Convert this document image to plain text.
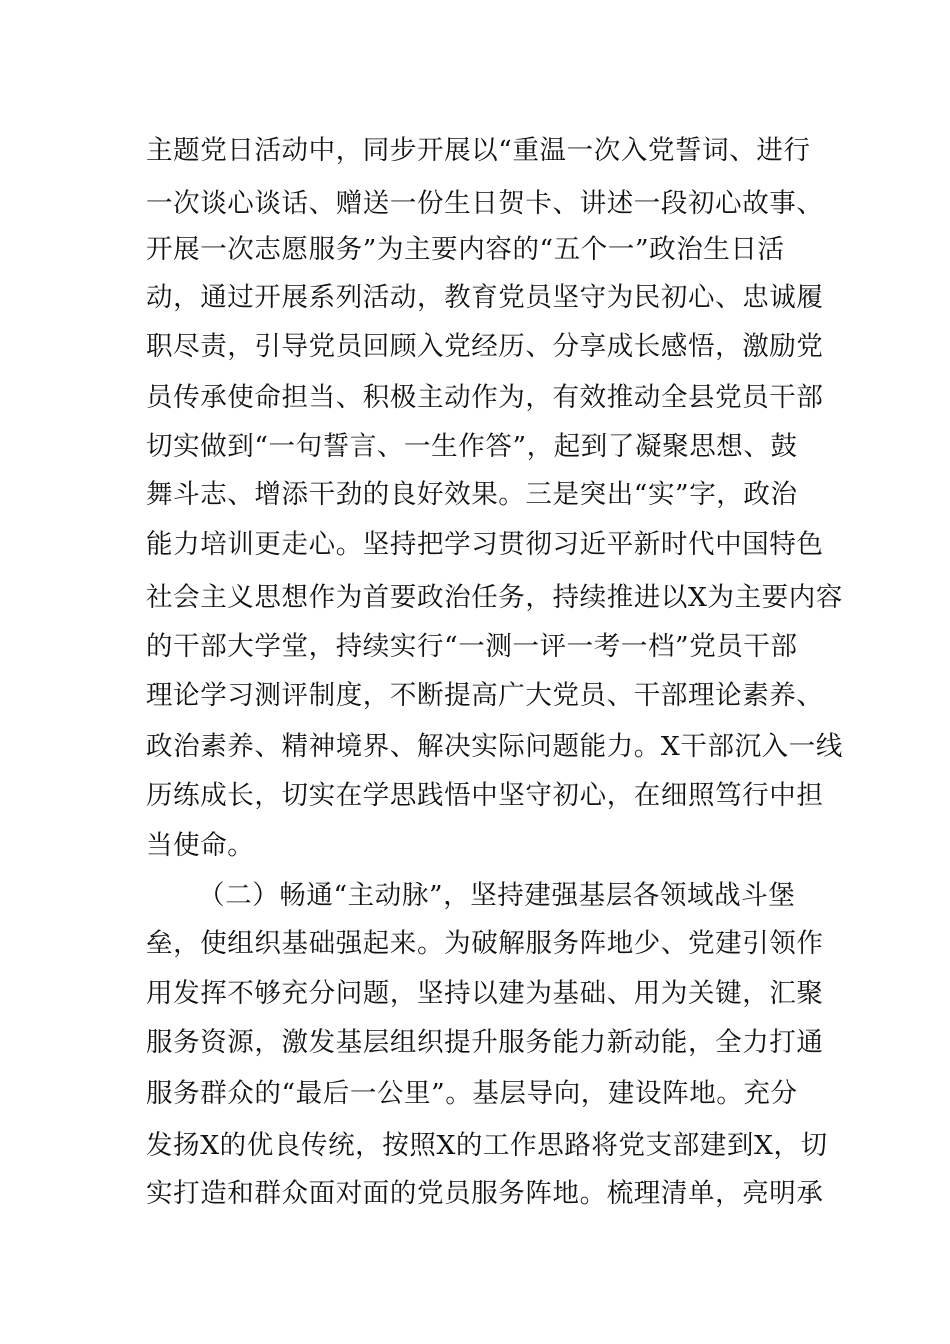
主题党日活动中，同步开展以“重温一次入党誓词、进行
一次谈心谈话、赠送一份生日贺卡、讲述一段初心故事、
开展一次志愿服务”为主要内容的“五个一”政治生日活
动，通过开展系列活动，教育党员坚守为民初心、忠诚履
职尽责，引导党员回顾入党经历、分享成长感悟，激励党
员传承使命担当、积极主动作为，有效推动全县党员干部
切实做到“一句誓言、一生作答”，起到了凝聚思想、鼓
舞斗志、增添干劲的良好效果。三是突出“实”字，政治
能力培训更走心。坚持把学习贯彻习近平新时代中国特色
社会主义思想作为首要政治任务，持续推进以X为主要内容
的干部大学堂，持续实行“一测一评一考一档”党员干部
理论学习测评制度，不断提高广大党员、干部理论素养、
政治素养、精神境界、解决实际问题能力。X干部沉入一线
历练成长，切实在学思践悟中坚守初心，在细照笃行中担
当使命。
（二）畅通“主动脉”，坚持建强基层各领域战斗堡
垒，使组织基础强起来。为破解服务阵地少、党建引领作
用发挥不够充分问题，坚持以建为基础、用为关键，汇聚
服务资源，激发基层组织提升服务能力新动能，全力打通
服务群众的“最后一公里”。基层导向，建设阵地。充分
发扬X的优良传统，按照X的工作思路将党支部建到X，切
实打造和群众面对面的党员服务阵地。梳理清单，亮明承
